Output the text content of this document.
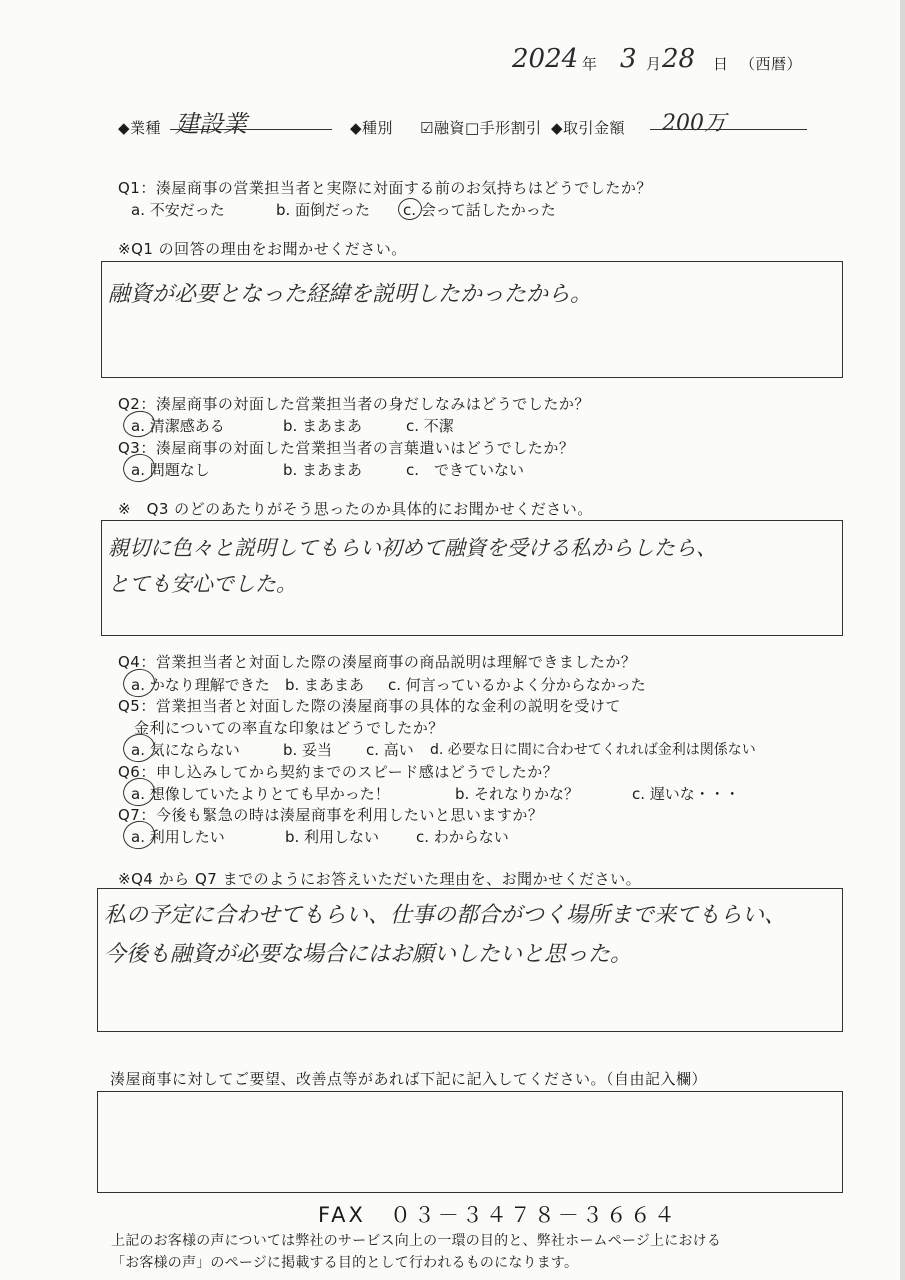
2024 年 3 月 28 日 （西暦）
◆業種 建設業	◆種別 ☑融資□手形割引 ◆取引金額 200万
Q1：湊屋商事の営業担当者と実際に対面する前のお気持ちはどうでしたか？
a. 不安だった	b. 面倒だった c. 会って話したかった
※Q1 の回答の理由をお聞かせください。
融資が必要となった経緯を説明したかったから。
Q2：湊屋商事の対面した営業担当者の身だしなみはどうでしたか？
a. 清潔感ある	b. まあまあ	c. 不潔
Q3：湊屋商事の対面した営業担当者の言葉遣いはどうでしたか？
a. 問題なし	b. まあまあ	c.　できていない
※　Q3 のどのあたりがそう思ったのか具体的にお聞かせください。
親切に色々と説明してもらい初めて融資を受ける私からしたら、
とても安心でした。
Q4：営業担当者と対面した際の湊屋商事の商品説明は理解できましたか？
a. かなり理解できた b. まあまあ c. 何言っているかよく分からなかった
Q5：営業担当者と対面した際の湊屋商事の具体的な金利の説明を受けて
金利についての率直な印象はどうでしたか？
a. 気にならない	b. 妥当 c. 高い d. 必要な日に間に合わせてくれれば金利は関係ない
Q6：申し込みしてから契約までのスピード感はどうでしたか？
a. 想像していたよりとても早かった！	b. それなりかな？	c. 遅いな・・・
Q7：今後も緊急の時は湊屋商事を利用したいと思いますか？
a. 利用したい	b. 利用しない c. わからない
※Q4 から Q7 までのようにお答えいただいた理由を、お聞かせください。
私の予定に合わせてもらい、仕事の都合がつく場所まで来てもらい、
今後も融資が必要な場合にはお願いしたいと思った。
湊屋商事に対してご要望、改善点等があれば下記に記入してください。（自由記入欄）
FAX　０３－３４７８－３６６４
上記のお客様の声については弊社のサービス向上の一環の目的と、弊社ホームページ上における
「お客様の声」のページに掲載する目的として行われるものになります。
